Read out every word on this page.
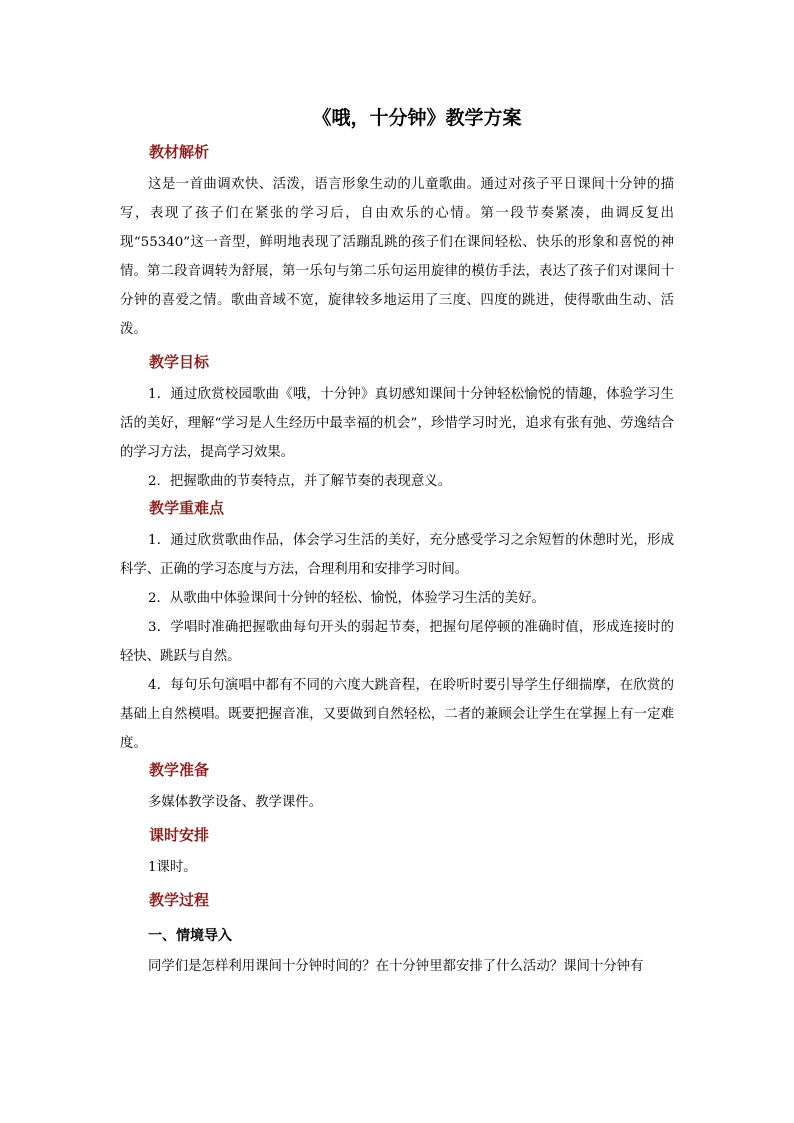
《哦，十分钟》教学方案
教材解析

这是一首曲调欢快、活泼，语言形象生动的儿童歌曲。通过对孩子平日课间十分钟的描写，表现了孩子们在紧张的学习后，自由欢乐的心情。第一段节奏紧凑，曲调反复出现“55340”这一音型，鲜明地表现了活蹦乱跳的孩子们在课间轻松、快乐的形象和喜悦的神情。第二段音调转为舒展，第一乐句与第二乐句运用旋律的模仿手法，表达了孩子们对课间十分钟的喜爱之情。歌曲音域不宽，旋律较多地运用了三度、四度的跳进，使得歌曲生动、活泼。

教学目标

1．通过欣赏校园歌曲《哦，十分钟》真切感知课间十分钟轻松愉悦的情趣，体验学习生活的美好，理解“学习是人生经历中最幸福的机会”，珍惜学习时光，追求有张有弛、劳逸结合的学习方法，提高学习效果。

2．把握歌曲的节奏特点，并了解节奏的表现意义。

教学重难点

1．通过欣赏歌曲作品，体会学习生活的美好，充分感受学习之余短暂的休憩时光，形成科学、正确的学习态度与方法，合理利用和安排学习时间。

2．从歌曲中体验课间十分钟的轻松、愉悦，体验学习生活的美好。

3．学唱时准确把握歌曲每句开头的弱起节奏，把握句尾停顿的准确时值，形成连接时的轻快、跳跃与自然。

4．每句乐句演唱中都有不同的六度大跳音程，在聆听时要引导学生仔细揣摩，在欣赏的基础上自然模唱。既要把握音准，又要做到自然轻松，二者的兼顾会让学生在掌握上有一定难度。

教学准备

多媒体教学设备、教学课件。

课时安排

1课时。

教学过程
一、情境导入

同学们是怎样利用课间十分钟时间的？在十分钟里都安排了什么活动？课间十分钟有
